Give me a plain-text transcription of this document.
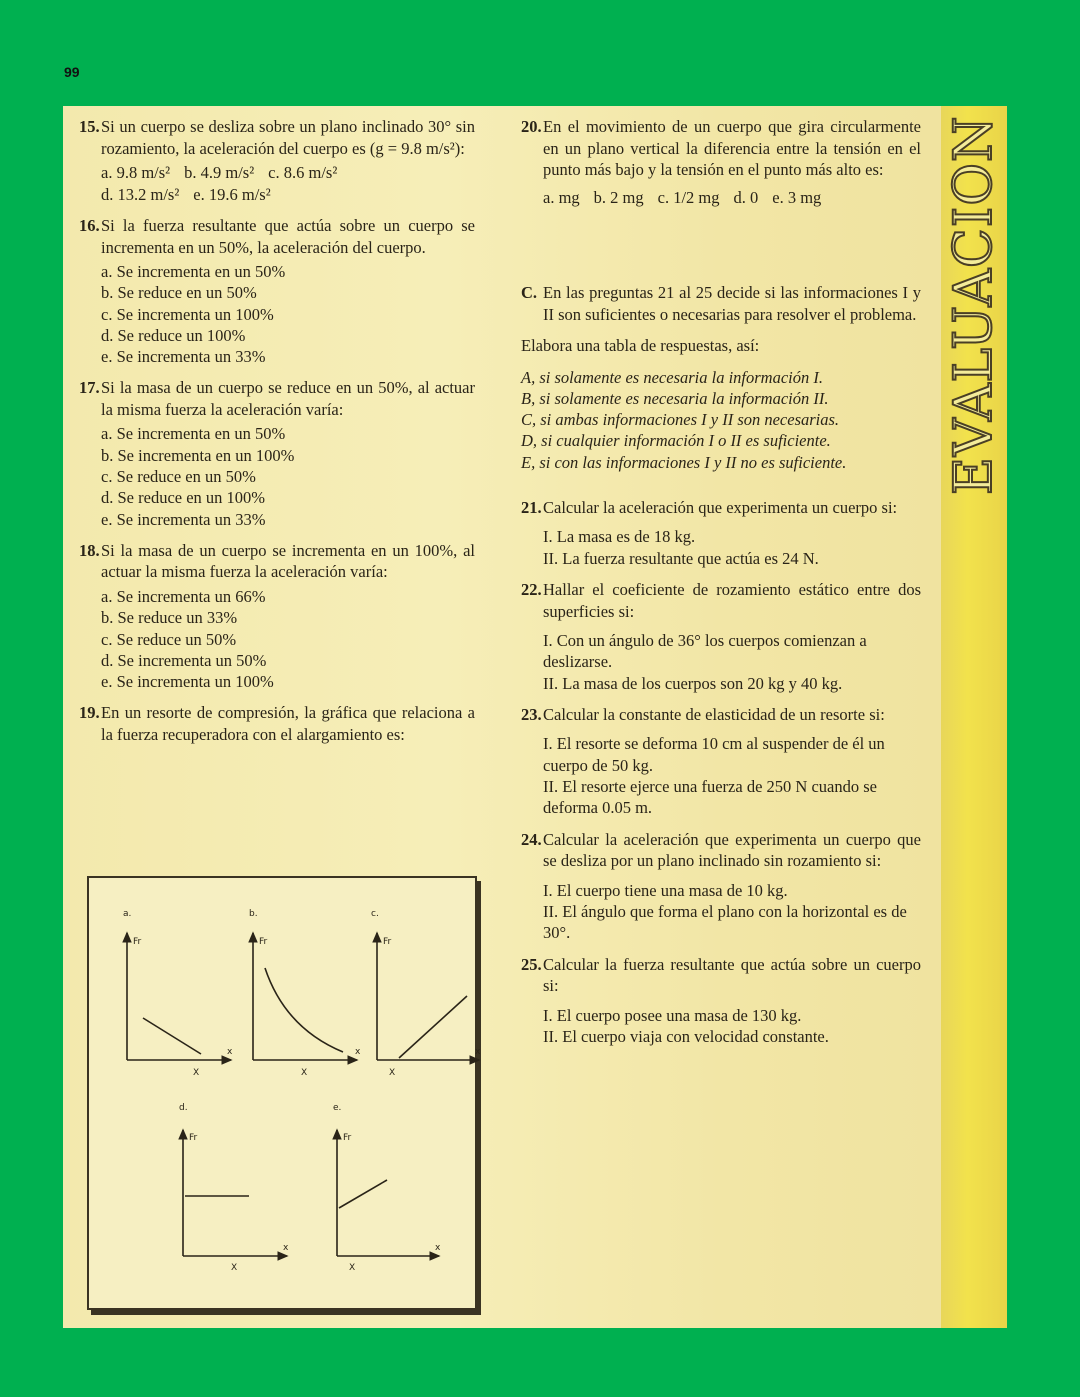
99
EVALUACION
15. Si un cuerpo se desliza sobre un plano inclinado 30° sin rozamiento, la aceleración del cuerpo es (g = 9.8 m/s²):
a. 9.8 m/s² b. 4.9 m/s² c. 8.6 m/s²
d. 13.2 m/s² e. 19.6 m/s²
16. Si la fuerza resultante que actúa sobre un cuerpo se incrementa en un 50%, la aceleración del cuerpo.
a. Se incrementa en un 50%
b. Se reduce en un 50%
c. Se incrementa un 100%
d. Se reduce un 100%
e. Se incrementa un 33%
17. Si la masa de un cuerpo se reduce en un 50%, al actuar la misma fuerza la aceleración varía:
a. Se incrementa en un 50%
b. Se incrementa en un 100%
c. Se reduce en un 50%
d. Se reduce en un 100%
e. Se incrementa un 33%
18. Si la masa de un cuerpo se incrementa en un 100%, al actuar la misma fuerza la aceleración varía:
a. Se incrementa un 66%
b. Se reduce un 33%
c. Se reduce un 50%
d. Se incrementa un 50%
e. Se incrementa un 100%
19. En un resorte de compresión, la gráfica que relaciona a la fuerza recuperadora con el alargamiento es:
a.	b.	c.
d.	e.
Fr	Fr	Fr
Fr	Fr
x	x	x
x	x
X	X	X
X	X
20. En el movimiento de un cuerpo que gira circularmente en un plano vertical la diferencia entre la tensión en el punto más bajo y la tensión en el punto más alto es:
a. mg b. 2 mg c. 1/2 mg d. 0 e. 3 mg
C. En las preguntas 21 al 25 decide si las informaciones I y II son suficientes o necesarias para resolver el problema.
Elabora una tabla de respuestas, así:
A, si solamente es necesaria la información I.
B, si solamente es necesaria la información II.
C, si ambas informaciones I y II son necesarias.
D, si cualquier información I o II es suficiente.
E, si con las informaciones I y II no es suficiente.
21. Calcular la aceleración que experimenta un cuerpo si:
I. La masa es de 18 kg.
II. La fuerza resultante que actúa es 24 N.
22. Hallar el coeficiente de rozamiento estático entre dos superficies si:
I. Con un ángulo de 36° los cuerpos comienzan a deslizarse.
II. La masa de los cuerpos son 20 kg y 40 kg.
23. Calcular la constante de elasticidad de un resorte si:
I. El resorte se deforma 10 cm al suspender de él un cuerpo de 50 kg.
II. El resorte ejerce una fuerza de 250 N cuando se deforma 0.05 m.
24. Calcular la aceleración que experimenta un cuerpo que se desliza por un plano inclinado sin rozamiento si:
I. El cuerpo tiene una masa de 10 kg.
II. El ángulo que forma el plano con la horizontal es de 30°.
25. Calcular la fuerza resultante que actúa sobre un cuerpo si:
I. El cuerpo posee una masa de 130 kg.
II. El cuerpo viaja con velocidad constante.
